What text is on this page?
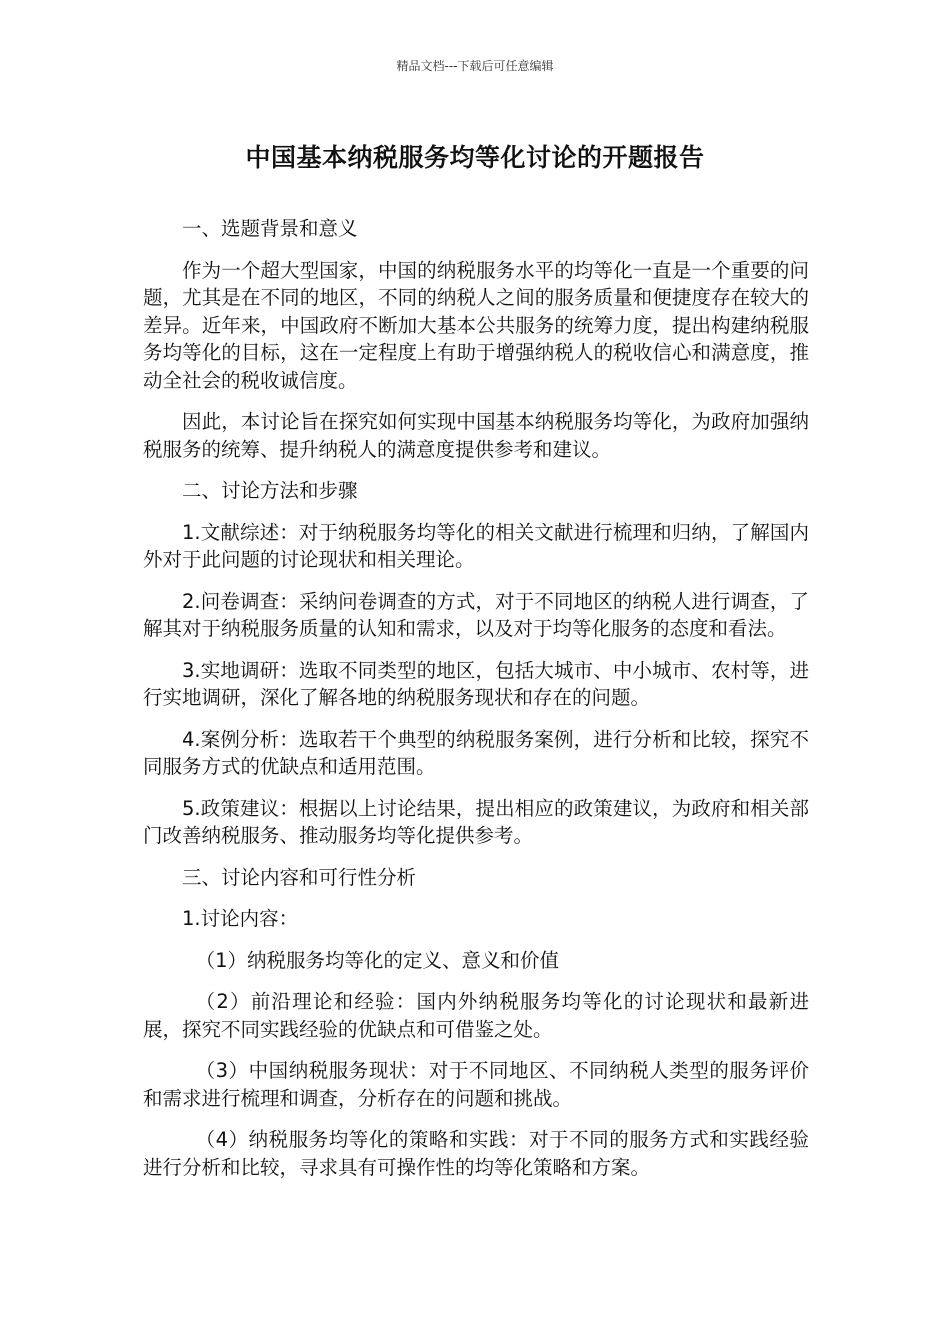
精品文档---下载后可任意编辑
中国基本纳税服务均等化讨论的开题报告

一、选题背景和意义

作为一个超大型国家，中国的纳税服务水平的均等化一直是一个重要的问题，尤其是在不同的地区，不同的纳税人之间的服务质量和便捷度存在较大的差异。近年来，中国政府不断加大基本公共服务的统筹力度，提出构建纳税服务均等化的目标，这在一定程度上有助于增强纳税人的税收信心和满意度，推动全社会的税收诚信度。

因此，本讨论旨在探究如何实现中国基本纳税服务均等化，为政府加强纳税服务的统筹、提升纳税人的满意度提供参考和建议。

二、讨论方法和步骤

1.文献综述：对于纳税服务均等化的相关文献进行梳理和归纳，了解国内外对于此问题的讨论现状和相关理论。

2.问卷调查：采纳问卷调查的方式，对于不同地区的纳税人进行调查，了解其对于纳税服务质量的认知和需求，以及对于均等化服务的态度和看法。

3.实地调研：选取不同类型的地区，包括大城市、中小城市、农村等，进行实地调研，深化了解各地的纳税服务现状和存在的问题。

4.案例分析：选取若干个典型的纳税服务案例，进行分析和比较，探究不同服务方式的优缺点和适用范围。

5.政策建议：根据以上讨论结果，提出相应的政策建议，为政府和相关部门改善纳税服务、推动服务均等化提供参考。

三、讨论内容和可行性分析

1.讨论内容：

（1）纳税服务均等化的定义、意义和价值

（2）前沿理论和经验：国内外纳税服务均等化的讨论现状和最新进展，探究不同实践经验的优缺点和可借鉴之处。

（3）中国纳税服务现状：对于不同地区、不同纳税人类型的服务评价和需求进行梳理和调查，分析存在的问题和挑战。

（4）纳税服务均等化的策略和实践：对于不同的服务方式和实践经验进行分析和比较，寻求具有可操作性的均等化策略和方案。
